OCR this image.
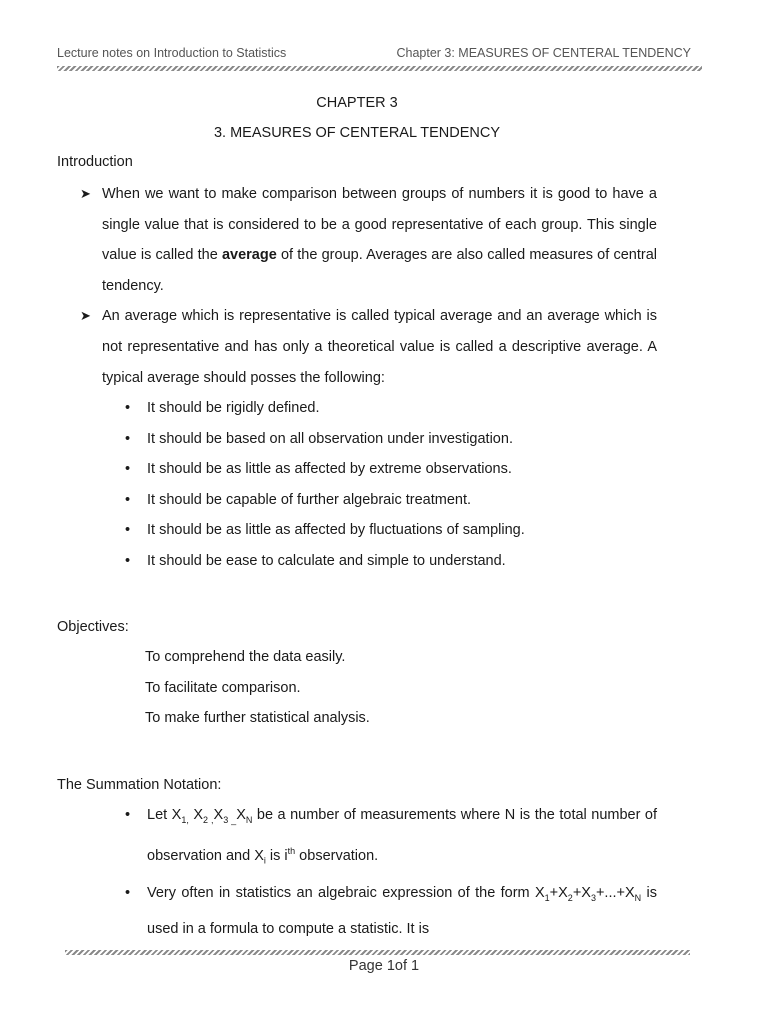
Lecture notes on Introduction to Statistics	Chapter 3: MEASURES OF CENTERAL TENDENCY
CHAPTER 3
3. MEASURES OF CENTERAL TENDENCY
Introduction
➤ When we want to make comparison between groups of numbers it is good to have a single value that is considered to be a good representative of each group. This single value is called the average of the group. Averages are also called measures of central tendency.
➤ An average which is representative is called typical average and an average which is not representative and has only a theoretical value is called a descriptive average. A typical average should posses the following:
• It should be rigidly defined.
• It should be based on all observation under investigation.
• It should be as little as affected by extreme observations.
• It should be capable of further algebraic treatment.
• It should be as little as affected by fluctuations of sampling.
• It should be ease to calculate and simple to understand.
Objectives:
To comprehend the data easily.
To facilitate comparison.
To make further statistical analysis.
The Summation Notation:
• Let $X_{1,}$ $X_{2 ,}X_{3 \_}X_N$ be a number of measurements where N is the total number of observation and $X_i$ is $i^{th}$ observation.
• Very often in statistics an algebraic expression of the form $X_1+X_2+X_3+...+X_N$ is used in a formula to compute a statistic. It is
Page 1of 1
